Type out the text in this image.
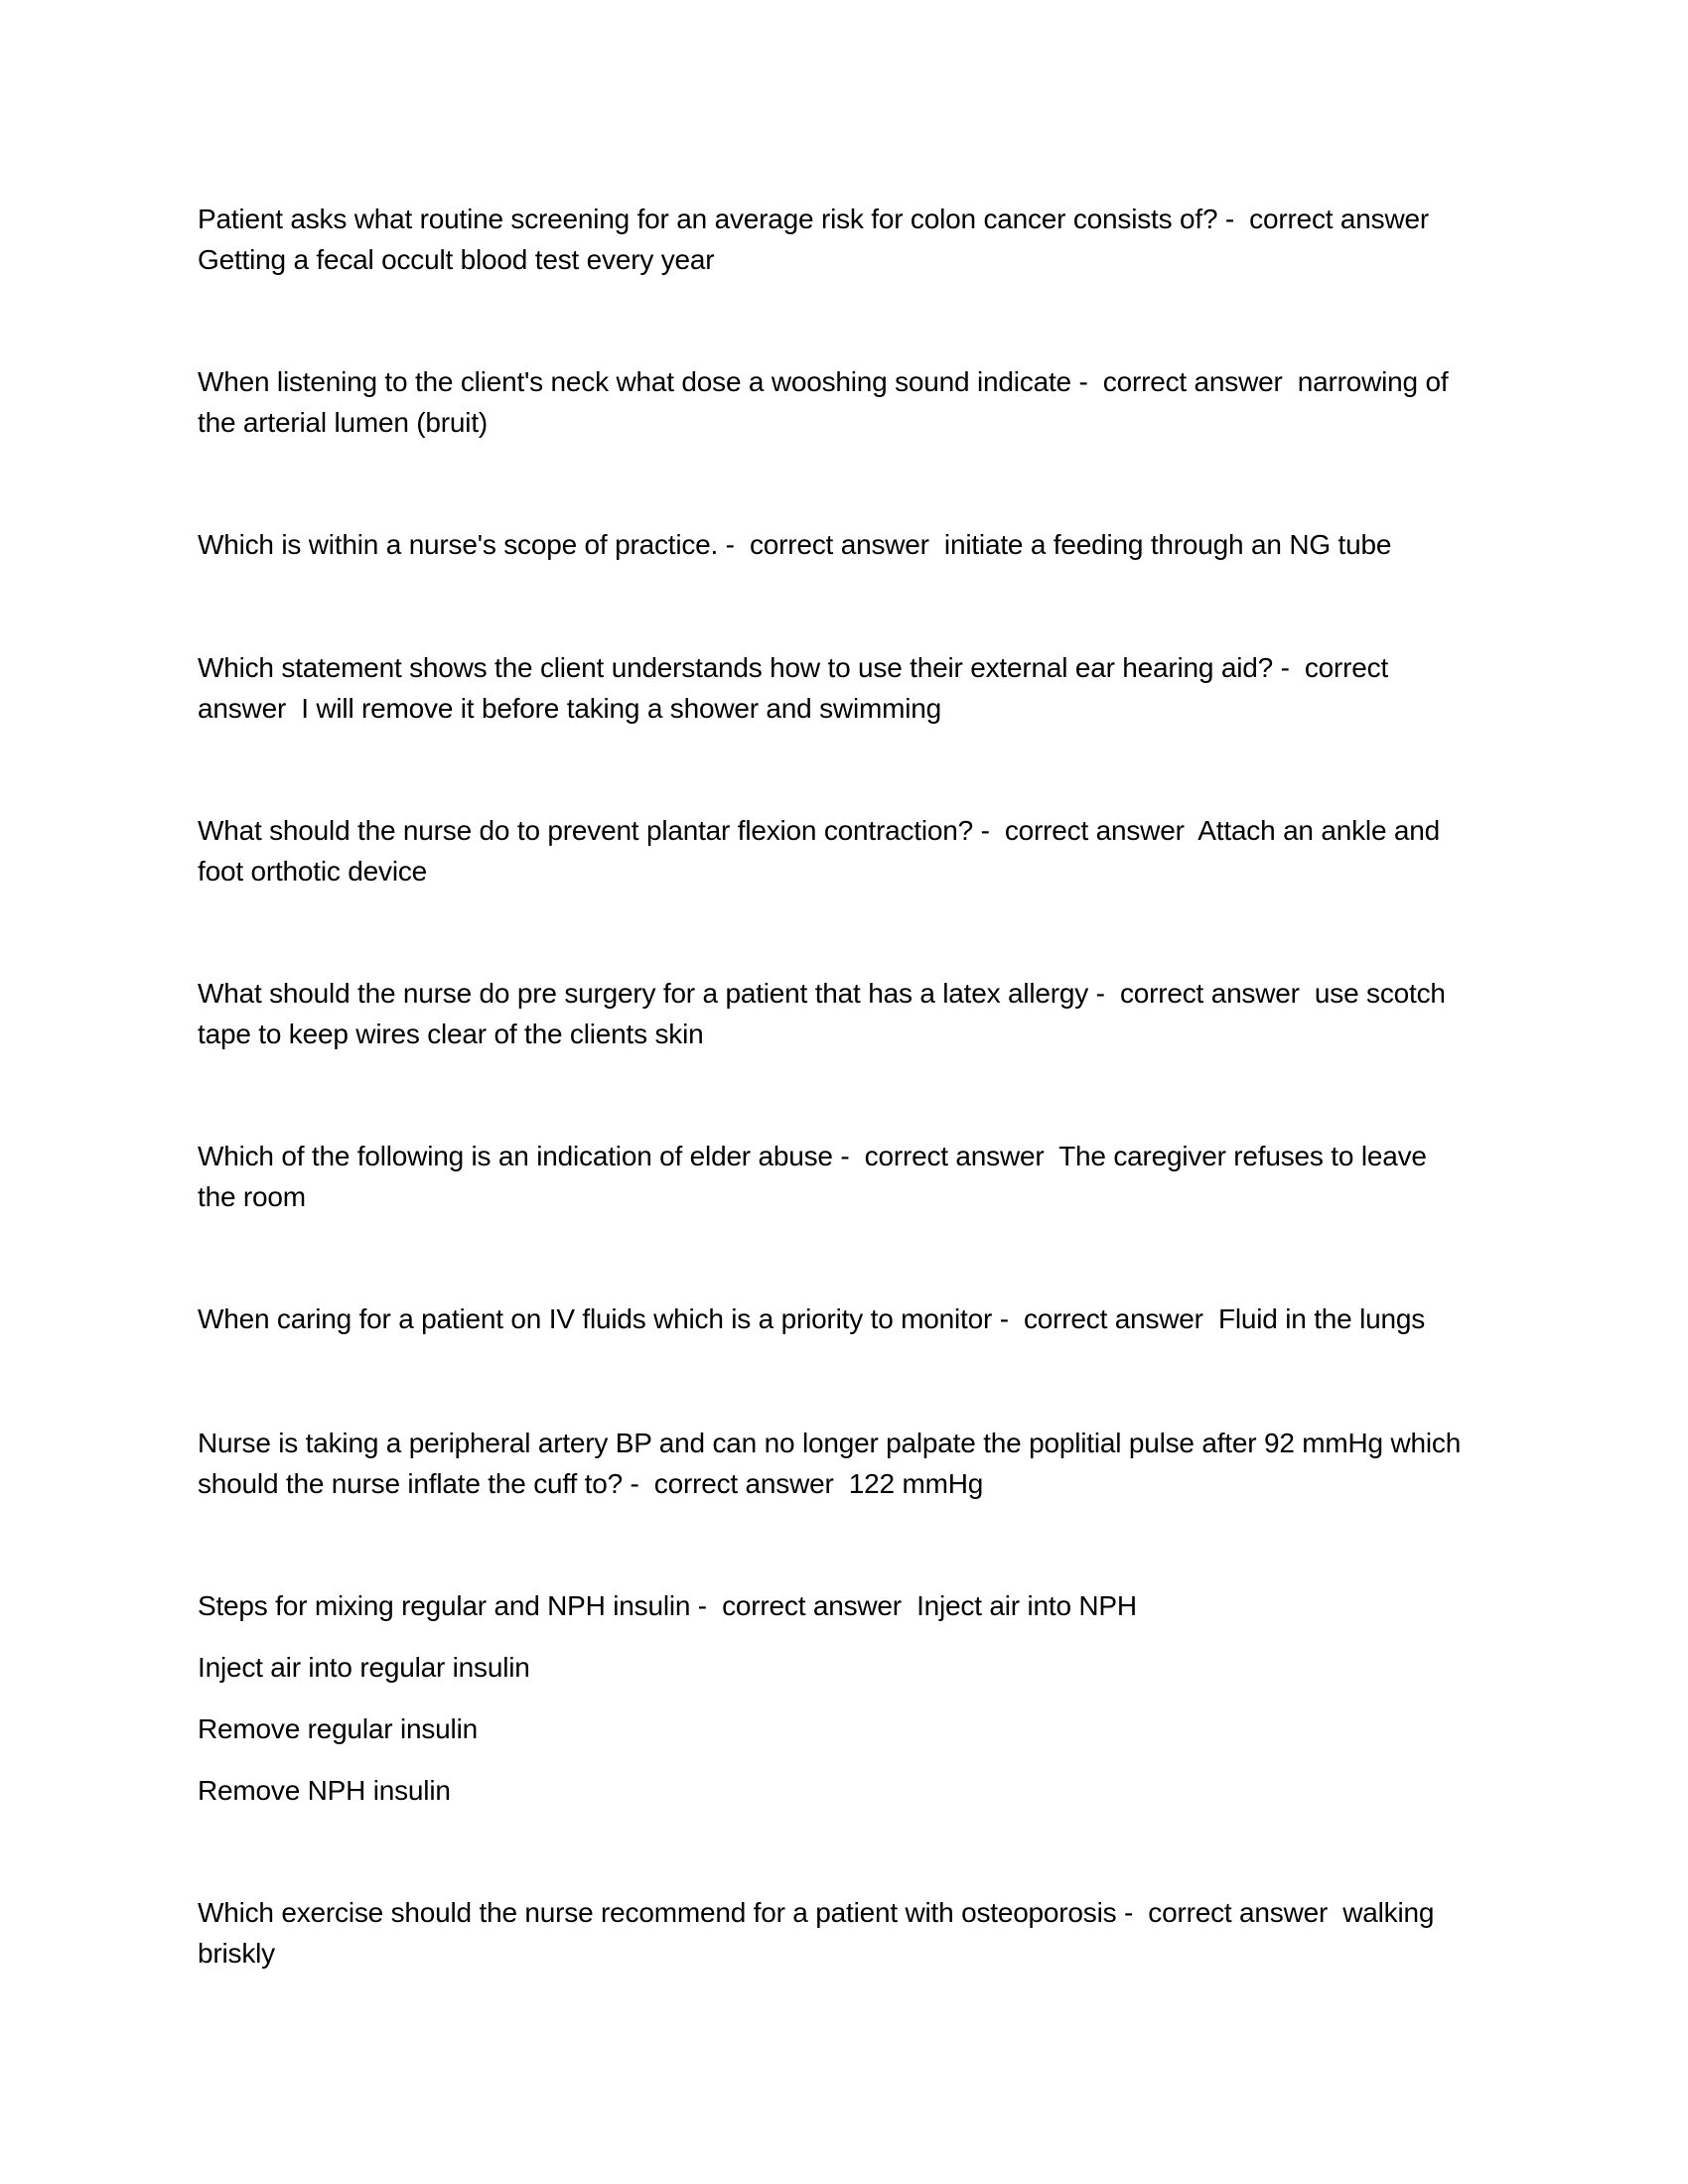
Patient asks what routine screening for an average risk for colon cancer consists of? -  correct answer
Getting a fecal occult blood test every year
When listening to the client's neck what dose a wooshing sound indicate -  correct answer  narrowing of
the arterial lumen (bruit)
Which is within a nurse's scope of practice. -  correct answer  initiate a feeding through an NG tube
Which statement shows the client understands how to use their external ear hearing aid? -  correct
answer  I will remove it before taking a shower and swimming
What should the nurse do to prevent plantar flexion contraction? -  correct answer  Attach an ankle and
foot orthotic device
What should the nurse do pre surgery for a patient that has a latex allergy -  correct answer  use scotch
tape to keep wires clear of the clients skin
Which of the following is an indication of elder abuse -  correct answer  The caregiver refuses to leave
the room
When caring for a patient on IV fluids which is a priority to monitor -  correct answer  Fluid in the lungs
Nurse is taking a peripheral artery BP and can no longer palpate the poplitial pulse after 92 mmHg which
should the nurse inflate the cuff to? -  correct answer  122 mmHg
Steps for mixing regular and NPH insulin -  correct answer  Inject air into NPH
Inject air into regular insulin
Remove regular insulin
Remove NPH insulin
Which exercise should the nurse recommend for a patient with osteoporosis -  correct answer  walking
briskly
